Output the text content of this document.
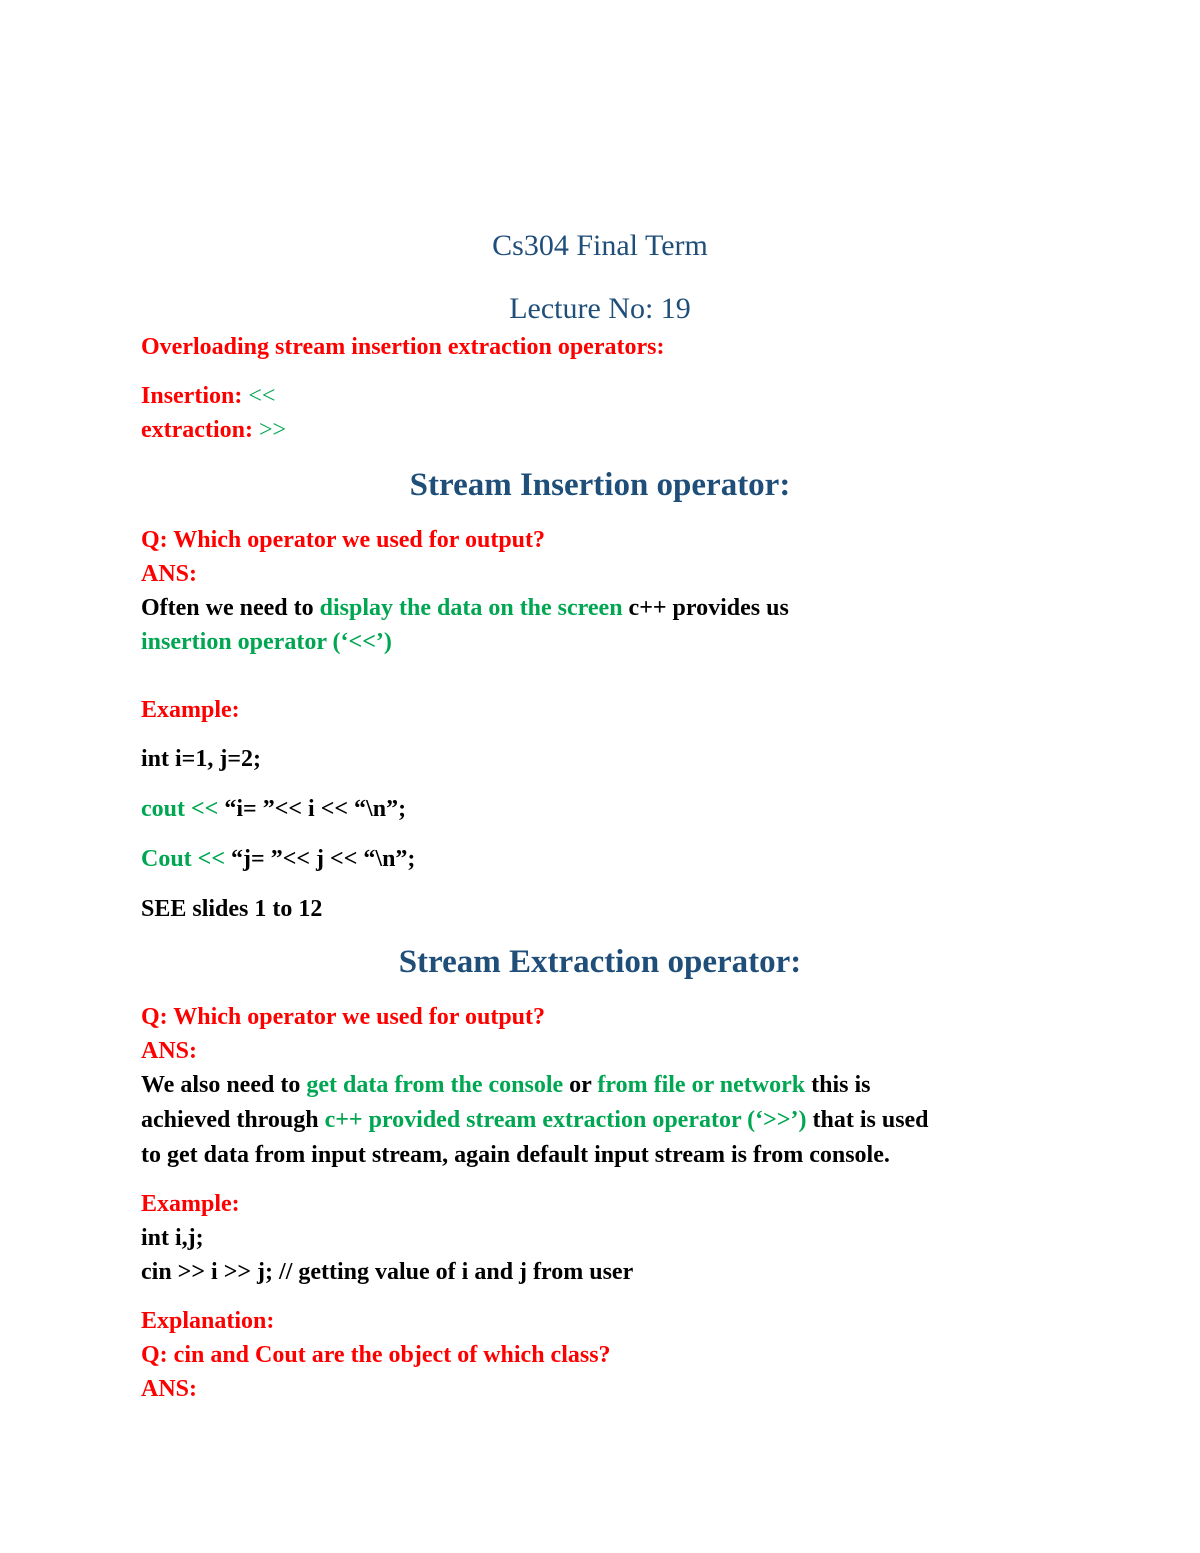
Cs304 Final Term
Lecture No: 19
Overloading stream insertion extraction operators:
Insertion: <<
extraction: >>
Stream Insertion operator:
Q: Which operator we used for output?
ANS:
Often we need to display the data on the screen c++ provides us
insertion operator (‘<<’)
Example:
int i=1, j=2;
cout << “i= ”<< i << “\n”;
Cout << “j= ”<< j << “\n”;
SEE slides 1 to 12
Stream Extraction operator:
Q: Which operator we used for output?
ANS:
We also need to get data from the console or from file or network this is
achieved through c++ provided stream extraction operator (‘>>’) that is used
to get data from input stream, again default input stream is from console.
Example:
int i,j;
cin >> i >> j; // getting value of i and j from user
Explanation:
Q: cin and Cout are the object of which class?
ANS:
